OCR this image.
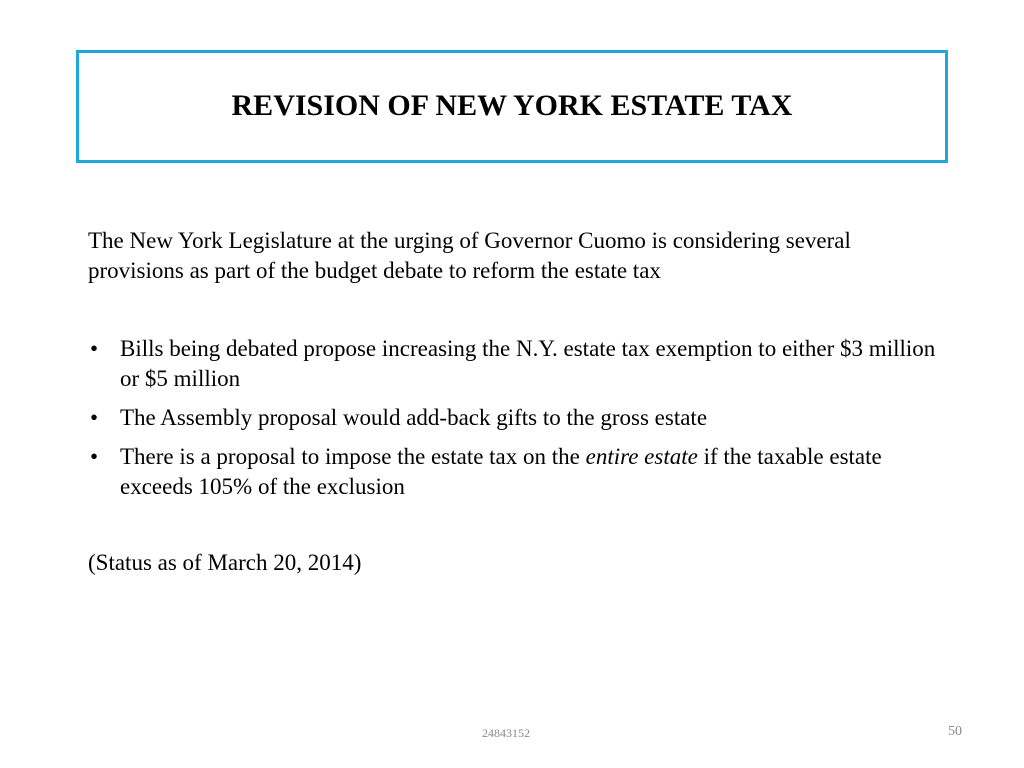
REVISION OF NEW YORK ESTATE TAX

The New York Legislature at the urging of Governor Cuomo is considering several provisions as part of the budget debate to reform the estate tax

• Bills being debated propose increasing the N.Y. estate tax exemption to either $3 million or $5 million
• The Assembly proposal would add-back gifts to the gross estate
• There is a proposal to impose the estate tax on the entire estate if the taxable estate exceeds 105% of the exclusion

(Status as of March 20, 2014)

24843152	50
